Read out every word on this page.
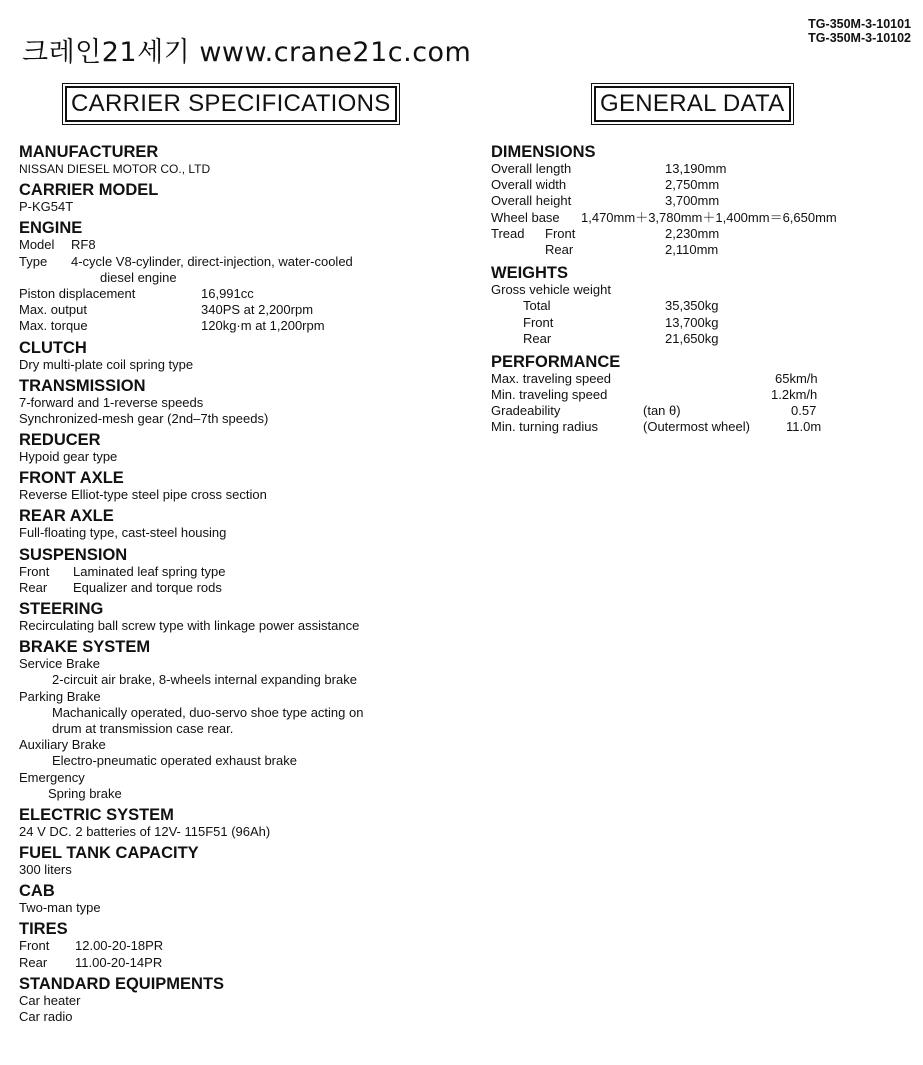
TG-350M-3-10101
TG-350M-3-10102
크레인21세기 www.crane21c.com
CARRIER SPECIFICATIONS	GENERAL DATA
MANUFACTURER
NISSAN DIESEL MOTOR CO., LTD
CARRIER MODEL
P-KG54T
ENGINE
Model RF8
Type 4-cycle V8-cylinder, direct-injection, water-cooled
diesel engine
Piston displacement	16,991cc
Max. output	340PS at 2,200rpm
Max. torque	120kg·m at 1,200rpm
CLUTCH
Dry multi-plate coil spring type
TRANSMISSION
7-forward and 1-reverse speeds
Synchronized-mesh gear (2nd–7th speeds)
REDUCER
Hypoid gear type
FRONT AXLE
Reverse Elliot-type steel pipe cross section
REAR AXLE
Full-floating type, cast-steel housing
SUSPENSION
Front Laminated leaf spring type
Rear Equalizer and torque rods
STEERING
Recirculating ball screw type with linkage power assistance
BRAKE SYSTEM
Service Brake
2-circuit air brake, 8-wheels internal expanding brake
Parking Brake
Machanically operated, duo-servo shoe type acting on
drum at transmission case rear.
Auxiliary Brake
Electro-pneumatic operated exhaust brake
Emergency
Spring brake
ELECTRIC SYSTEM
24 V DC. 2 batteries of 12V- 115F51 (96Ah)
FUEL TANK CAPACITY
300 liters
CAB
Two-man type
TIRES
Front 12.00-20-18PR
Rear 11.00-20-14PR
STANDARD EQUIPMENTS
Car heater
Car radio
DIMENSIONS
Overall length	13,190mm
Overall width	2,750mm
Overall height	3,700mm
Wheel base 1,470mm＋3,780mm＋1,400mm＝6,650mm
Tread Front	2,230mm
Rear	2,110mm
WEIGHTS
Gross vehicle weight
Total	35,350kg
Front	13,700kg
Rear	21,650kg
PERFORMANCE
Max. traveling speed	65km/h
Min. traveling speed	1.2km/h
Gradeability	(tan θ)	0.57
Min. turning radius	(Outermost wheel)	11.0m
